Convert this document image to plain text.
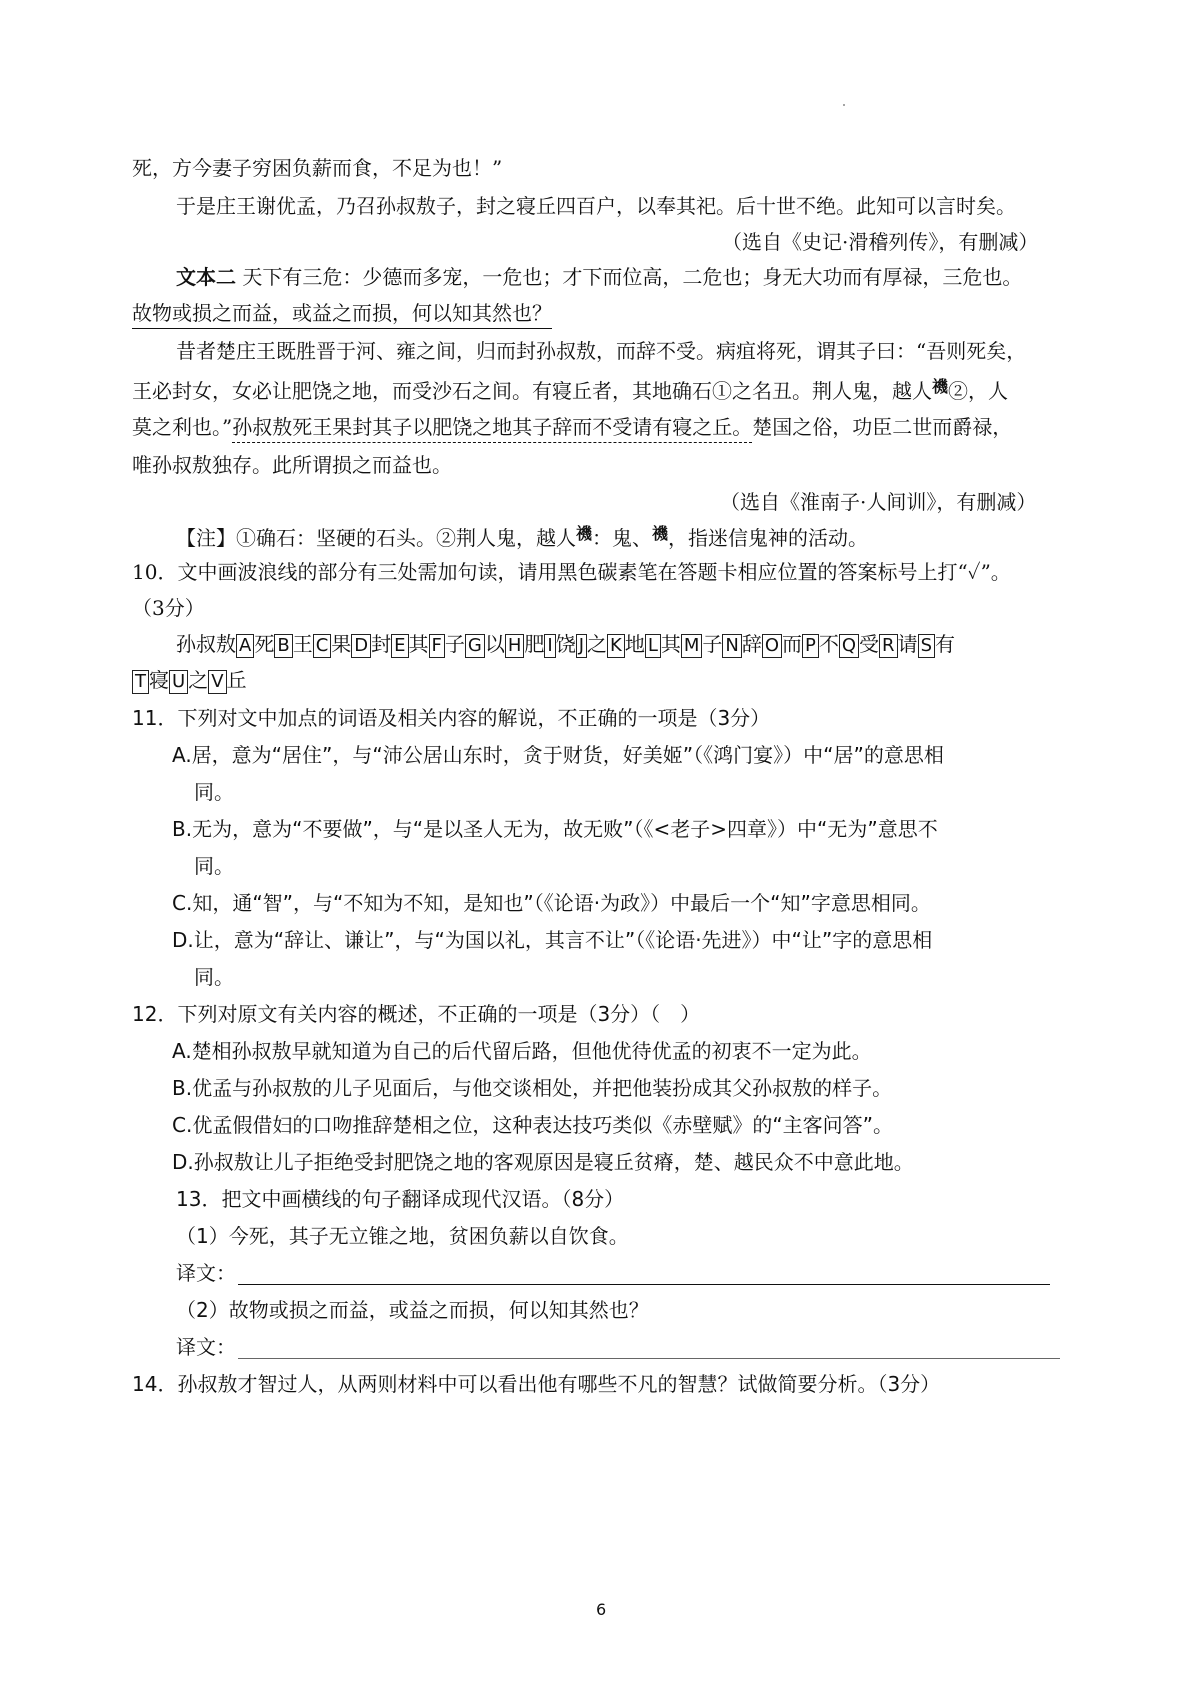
死，方今妻子穷困负薪而食，不足为也！”
于是庄王谢优孟，乃召孙叔敖子，封之寝丘四百户，以奉其祀。后十世不绝。此知可以言时矣。
（选自《史记·滑稽列传》，有删减）
文本二 天下有三危：少德而多宠，一危也；才下而位高，二危也；身无大功而有厚禄，三危也。
故物或损之而益，或益之而损，何以知其然也？
昔者楚庄王既胜晋于河、雍之间，归而封孙叔敖，而辞不受。病疽将死，谓其子曰：“吾则死矣，
王必封女，女必让肥饶之地，而受沙石之间。有寝丘者，其地确石①之名丑。荆人鬼，越人禨②，人
莫之利也。”孙叔敖死王果封其子以肥饶之地其子辞而不受请有寝之丘。楚国之俗，功臣二世而爵禄，
唯孙叔敖独存。此所谓损之而益也。
（选自《淮南子·人间训》，有删减）
【注】①确石：坚硬的石头。②荆人鬼，越人禨：鬼、禨，指迷信鬼神的活动。
10．文中画波浪线的部分有三处需加句读，请用黑色碳素笔在答题卡相应位置的答案标号上打“✓”。
（3分）
孙叔敖 A 死 B 王 C 果 D 封 E 其 F 子 G 以 H 肥 I 饶 J 之 K 地 L 其 M 子 N 辞 O 而 P 不 Q 受 R 请 S 有
T 寝 U 之 V 丘
11．下列对文中加点的词语及相关内容的解说，不正确的一项是（3分）
A.居，意为“居住”，与“沛公居山东时，贪于财货，好美姬”（《鸿门宴》）中“居”的意思相
同。
B.无为，意为“不要做”，与“是以圣人无为，故无败”（《<老子>四章》）中“无为”意思不
同。
C.知，通“智”，与“不知为不知，是知也”（《论语·为政》）中最后一个“知”字意思相同。
D.让，意为“辞让、谦让”，与“为国以礼，其言不让”（《论语·先进》）中“让”字的意思相
同。
12．下列对原文有关内容的概述，不正确的一项是（3分）（　）
A.楚相孙叔敖早就知道为自己的后代留后路，但他优待优孟的初衷不一定为此。
B.优孟与孙叔敖的儿子见面后，与他交谈相处，并把他装扮成其父孙叔敖的样子。
C.优孟假借妇的口吻推辞楚相之位，这种表达技巧类似《赤壁赋》的“主客问答”。
D.孙叔敖让儿子拒绝受封肥饶之地的客观原因是寝丘贫瘠，楚、越民众不中意此地。
13．把文中画横线的句子翻译成现代汉语。（8分）
（1）今死，其子无立锥之地，贫困负薪以自饮食。
译文：
（2）故物或损之而益，或益之而损，何以知其然也？
译文：
14．孙叔敖才智过人，从两则材料中可以看出他有哪些不凡的智慧？试做简要分析。（3分）
6
